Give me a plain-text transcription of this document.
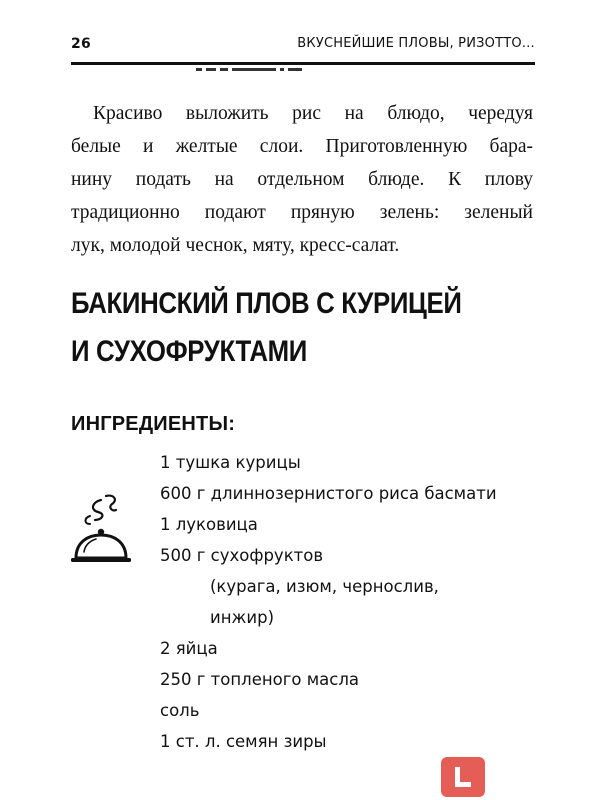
26	ВКУСНЕЙШИЕ ПЛОВЫ, РИЗОТТО…
Красиво выложить рис на блюдо, чередуя
белые и желтые слои. Приготовленную бара-
нину подать на отдельном блюде. К плову
традиционно подают пряную зелень: зеленый
лук, молодой чеснок, мяту, кресс-салат.
БАКИНСКИЙ ПЛОВ С КУРИЦЕЙ
И СУХОФРУКТАМИ
ИНГРЕДИЕНТЫ:
1 тушка курицы
600 г длиннозернистого риса басмати
1 луковица
500 г сухофруктов
(курага, изюм, чернослив,
инжир)
2 яйца
250 г топленого масла
соль
1 ст. л. семян зиры
